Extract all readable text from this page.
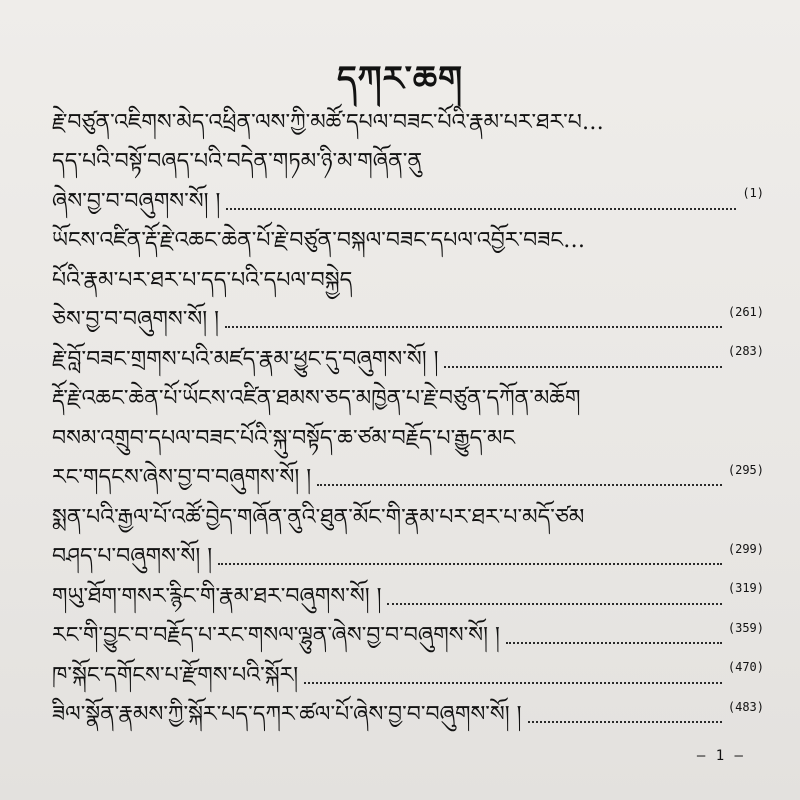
དཀར་ཆག
རྗེ་བཙུན་འཇིགས་མེད་འཕྲིན་ལས་ཀྱི་མཚོ་དཔལ་བཟང་པོའི་རྣམ་པར་ཐར་པ…
དད་པའི་བསྟོ་བཞད་པའི་བདེན་གཏམ་ཉི་མ་གཞོན་ནུ
ཞེས་བྱ་བ་བཞུགས་སོ། །	(1)
ཡོངས་འཛིན་རྡོ་རྗེ་འཆང་ཆེན་པོ་རྗེ་བཙུན་བསྐལ་བཟང་དཔལ་འབྱོར་བཟང…
པོའི་རྣམ་པར་ཐར་པ་དད་པའི་དཔལ་བསྐྱེད
ཅེས་བྱ་བ་བཞུགས་སོ། །	(261)
རྗེ་བློ་བཟང་གྲགས་པའི་མཛད་རྣམ་ཕྱུང་དུ་བཞུགས་སོ། །	(283)
རྡོ་རྗེ་འཆང་ཆེན་པོ་ཡོངས་འཛིན་ཐམས་ཅད་མཁྱེན་པ་རྗེ་བཙུན་དཀོན་མཆོག
བསམ་འགྲུབ་དཔལ་བཟང་པོའི་སྐུ་བསྟོད་ཆ་ཙམ་བརྗོད་པ་རྒྱུད་མང
རང་གདངས་ཞེས་བྱ་བ་བཞུགས་སོ། །	(295)
སྨན་པའི་རྒྱལ་པོ་འཚོ་བྱེད་གཞོན་ནུའི་ཐུན་མོང་གི་རྣམ་པར་ཐར་པ་མདོ་ཙམ
བཤད་པ་བཞུགས་སོ། །	(299)
གཡུ་ཐོག་གསར་རྙིང་གི་རྣམ་ཐར་བཞུགས་སོ། །	(319)
རང་གི་བྱུང་བ་བརྗོད་པ་རང་གསལ་ལྷུན་ཞེས་བྱ་བ་བཞུགས་སོ། །	(359)
ཁ་སྐོང་དགོངས་པ་རྫོགས་པའི་སྐོར།	(470)
ཟིལ་སྣོན་རྣམས་ཀྱི་སྐོར་པད་དཀར་ཚལ་པོ་ཞེས་བྱ་བ་བཞུགས་སོ། །	(483)
— 1 —
